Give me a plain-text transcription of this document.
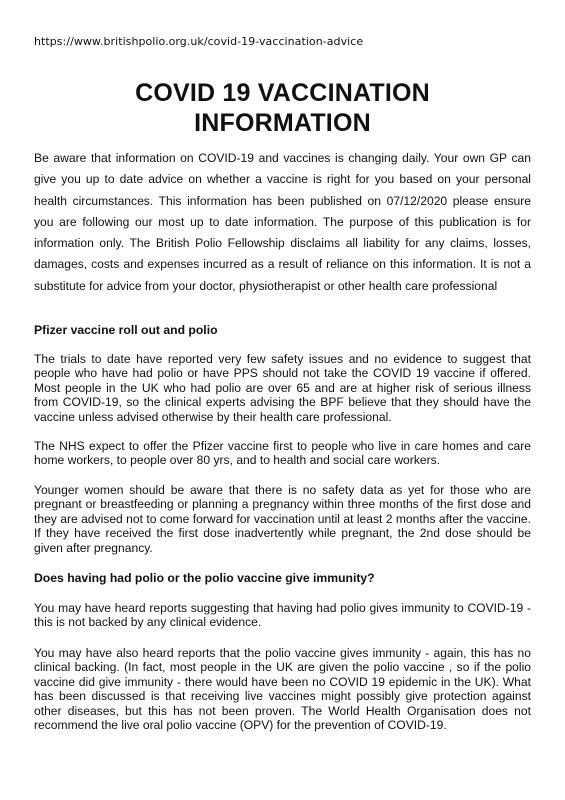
https://www.britishpolio.org.uk/covid-19-vaccination-advice
COVID 19 VACCINATION
INFORMATION

Be aware that information on COVID-19 and vaccines is changing daily. Your own GP can give you up to date advice on whether a vaccine is right for you based on your personal health circumstances. This information has been published on 07/12/2020 please ensure you are following our most up to date information. The purpose of this publication is for information only. The British Polio Fellowship disclaims all liability for any claims, losses, damages, costs and expenses incurred as a result of reliance on this information. It is not a substitute for advice from your doctor, physiotherapist or other health care professional

Pfizer vaccine roll out and polio

The trials to date have reported very few safety issues and no evidence to suggest that people who have had polio or have PPS should not take the COVID 19 vaccine if offered. Most people in the UK who had polio are over 65 and are at higher risk of serious illness from COVID-19, so the clinical experts advising the BPF believe that they should have the vaccine unless advised otherwise by their health care professional.

The NHS expect to offer the Pfizer vaccine first to people who live in care homes and care home workers, to people over 80 yrs, and to health and social care workers.

Younger women should be aware that there is no safety data as yet for those who are pregnant or breastfeeding or planning a pregnancy within three months of the first dose and they are advised not to come forward for vaccination until at least 2 months after the vaccine. If they have received the first dose inadvertently while pregnant, the 2nd dose should be given after pregnancy.

Does having had polio or the polio vaccine give immunity?

You may have heard reports suggesting that having had polio gives immunity to COVID-19 - this is not backed by any clinical evidence.

You may have also heard reports that the polio vaccine gives immunity - again, this has no clinical backing. (In fact, most people in the UK are given the polio vaccine , so if the polio vaccine did give immunity - there would have been no COVID 19 epidemic in the UK). What has been discussed is that receiving live vaccines might possibly give protection against other diseases, but this has not been proven. The World Health Organisation does not recommend the live oral polio vaccine (OPV) for the prevention of COVID-19.
